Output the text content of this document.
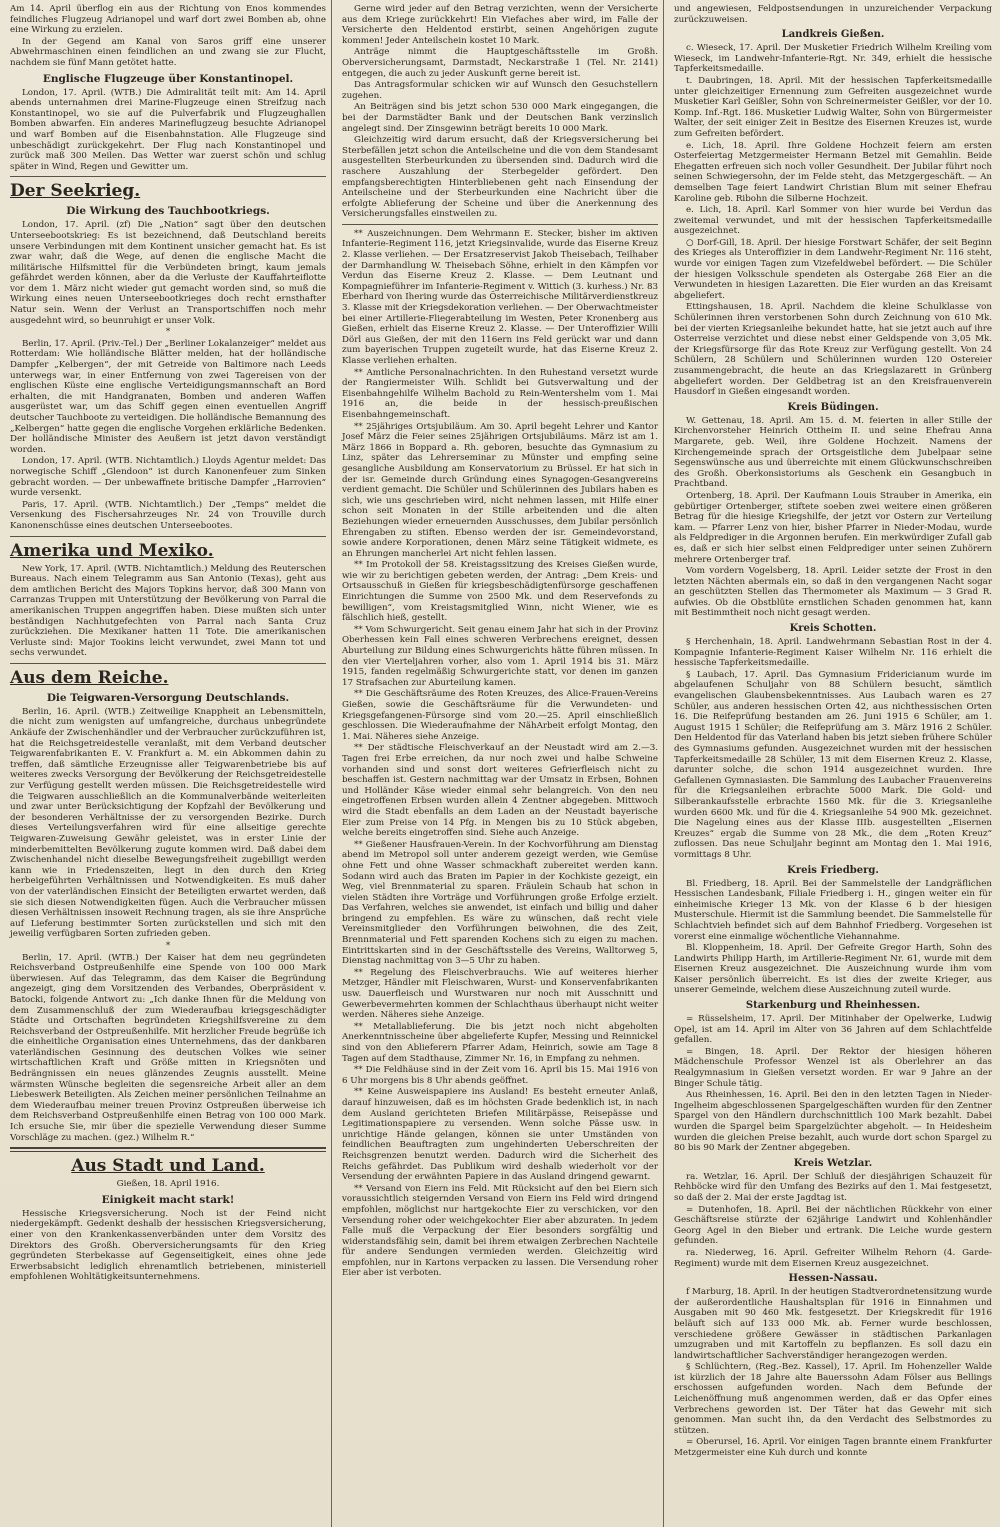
Am 14. April überflog ein aus der Richtung von Enos kommendes feindliches Flugzeug Adrianopel und warf dort zwei Bomben ab, ohne eine Wirkung zu erzielen.

In der Gegend am Kanal von Saros griff eine unserer Abwehrmaschinen einen feindlichen an und zwang sie zur Flucht, nachdem sie fünf Mann getötet hatte.

Englische Flugzeuge über Konstantinopel.

London, 17. April. (WTB.) Die Admiralität teilt mit: Am 14. April abends unternahmen drei Marine-Flugzeuge einen Streifzug nach Konstantinopel, wo sie auf die Pulverfabrik und Flugzeughallen Bomben abwarfen. Ein anderes Marineflugzeug besuchte Adrianopel und warf Bomben auf die Eisenbahnstation. Alle Flugzeuge sind unbeschädigt zurückgekehrt. Der Flug nach Konstantinopel und zurück maß 300 Meilen. Das Wetter war zuerst schön und schlug später in Wind, Regen und Gewitter um.

Der Seekrieg.
Die Wirkung des Tauchbootkriegs.

London, 17. April. (zf) Die „Nation“ sagt über den deutschen Unterseebootskrieg: Es ist bezeichnend, daß Deutschland bereits unsere Verbindungen mit dem Kontinent unsicher gemacht hat. Es ist zwar wahr, daß die Wege, auf denen die englische Macht die militärische Hilfsmittel für die Verbündeten bringt, kaum jemals gefährdet werden können, aber da die Verluste der Kauffahrteiflotte vor dem 1. März nicht wieder gut gemacht worden sind, so muß die Wirkung eines neuen Unterseebootkrieges doch recht ernsthafter Natur sein. Wenn der Verlust an Transportschiffen noch mehr ausgedehnt wird, so beunruhigt er unser Volk.

*

Berlin, 17. April. (Priv.-Tel.) Der „Berliner Lokalanzeiger“ meldet aus Rotterdam: Wie holländische Blätter melden, hat der holländische Dampfer „Kelbergen“, der mit Getreide von Baltimore nach Leeds unterwegs war, in einer Entfernung von zwei Tagereisen von der englischen Küste eine englische Verteidigungsmannschaft an Bord erhalten, die mit Handgranaten, Bomben und anderen Waffen ausgerüstet war, um das Schiff gegen einen eventuellen Angriff deutscher Tauchboote zu verteidigen. Die holländische Bemannung des „Kelbergen“ hatte gegen die englische Vorgehen erklärliche Bedenken. Der holländische Minister des Aeußern ist jetzt davon verständigt worden.

London, 17. April. (WTB. Nichtamtlich.) Lloyds Agentur meldet: Das norwegische Schiff „Glendoon“ ist durch Kanonenfeuer zum Sinken gebracht worden. — Der unbewaffnete britische Dampfer „Harrovien“ wurde versenkt.

Paris, 17. April. (WTB. Nichtamtlich.) Der „Temps“ meldet die Versenkung des Fischersahrzeuges Nr. 24 von Trouville durch Kanonenschüsse eines deutschen Unterseebootes.

Amerika und Mexiko.

New York, 17. April. (WTB. Nichtamtlich.) Meldung des Reuterschen Bureaus. Nach einem Telegramm aus San Antonio (Texas), geht aus dem amtlichen Bericht des Majors Topkins hervor, daß 300 Mann von Carranzas Truppen mit Unterstützung der Bevölkerung von Parral die amerikanischen Truppen angegriffen haben. Diese mußten sich unter beständigen Nachhutgefechten von Parral nach Santa Cruz zurückziehen. Die Mexikaner hatten 11 Tote. Die amerikanischen Verluste sind: Major Tookins leicht verwundet, zwei Mann tot und sechs verwundet.

Aus dem Reiche.
Die Teigwaren-Versorgung Deutschlands.

Berlin, 16. April. (WTB.) Zeitweilige Knappheit an Lebensmitteln, die nicht zum wenigsten auf umfangreiche, durchaus unbegründete Ankäufe der Zwischenhändler und der Verbraucher zurückzuführen ist, hat die Reichsgetreidestelle veranlaßt, mit dem Verband deutscher Teigwarenfabrikanten E. V. Frankfurt a. M. ein Abkommen dahin zu treffen, daß sämtliche Erzeugnisse aller Teigwarenbetriebe bis auf weiteres zwecks Versorgung der Bevölkerung der Reichsgetreidestelle zur Verfügung gestellt werden müssen. Die Reichsgetreidestelle wird die Teigwaren ausschließlich an die Kommunalverbände weiterleiten und zwar unter Berücksichtigung der Kopfzahl der Bevölkerung und der besonderen Verhältnisse der zu versorgenden Bezirke. Durch dieses Verteilungsverfahren wird für eine allseitige gerechte Teigwaren-Zuweisung Gewähr geleistet, was in erster Linie der minderbemittelten Bevölkerung zugute kommen wird. Daß dabei dem Zwischenhandel nicht dieselbe Bewegungsfreiheit zugebilligt werden kann wie in Friedenszeiten, liegt in den durch den Krieg herbeigeführten Verhältnissen und Notwendigkeiten. Es muß daher von der vaterländischen Einsicht der Beteiligten erwartet werden, daß sie sich diesen Notwendigkeiten fügen. Auch die Verbraucher müssen diesen Verhältnissen insoweit Rechnung tragen, als sie ihre Ansprüche auf Lieferung bestimmter Sorten zurückstellen und sich mit den jeweilig verfügbaren Sorten zufrieden geben.

*

Berlin, 17. April. (WTB.) Der Kaiser hat dem neu gegründeten Reichsverband Ostpreußenhilfe eine Spende von 100 000 Mark überwiesen. Auf das Telegramm, das dem Kaiser die Begründung angezeigt, ging dem Vorsitzenden des Verbandes, Oberpräsident v. Batocki, folgende Antwort zu: „Ich danke Ihnen für die Meldung von dem Zusammenschluß der zum Wiederaufbau kriegsgeschädigter Städte und Ortschaften begründeten Kriegshilfsvereine zu dem Reichsverband der Ostpreußenhilfe. Mit herzlicher Freude begrüße ich die einheitliche Organisation eines Unternehmens, das der dankbaren vaterländischen Gesinnung des deutschen Volkes wie seiner wirtschaftlichen Kraft und Größe mitten in Kriegsnöten und Bedrängnissen ein neues glänzendes Zeugnis ausstellt. Meine wärmsten Wünsche begleiten die segensreiche Arbeit aller an dem Liebeswerk Beteiligten. Als Zeichen meiner persönlichen Teilnahme an dem Wiederaufbau meiner treuen Provinz Ostpreußen überweise ich dem Reichsverband Ostpreußenhilfe einen Betrag von 100 000 Mark. Ich ersuche Sie, mir über die spezielle Verwendung dieser Summe Vorschläge zu machen. (gez.) Wilhelm R.“

Aus Stadt und Land.
Gießen, 18. April 1916.
Einigkeit macht stark!

Hessische Kriegsversicherung. Noch ist der Feind nicht niedergekämpft. Gedenkt deshalb der hessischen Kriegsversicherung, einer von den Krankenkassenverbänden unter dem Vorsitz des Direktors des Großh. Oberversicherungsamts für den Krieg gegründeten Sterbekasse auf Gegenseitigkeit, eines ohne jede Erwerbsabsicht lediglich ehrenamtlich betriebenen, ministeriell empfohlenen Wohltätigkeitsunternehmens.

Gerne wird jeder auf den Betrag verzichten, wenn der Versicherte aus dem Kriege zurückkehrt! Ein Viefaches aber wird, im Falle der Versicherte den Heldentod erstirbt, seinen Angehörigen zugute kommen! Jeder Anteilschein kostet 10 Mark.

Anträge nimmt die Hauptgeschäftsstelle im Großh. Oberversicherungsamt, Darmstadt, Neckarstraße 1 (Tel. Nr. 2141) entgegen, die auch zu jeder Auskunft gerne bereit ist.

Das Antragsformular schicken wir auf Wunsch den Gesuchstellern zugehen.

An Beiträgen sind bis jetzt schon 530 000 Mark eingegangen, die bei der Darmstädter Bank und der Deutschen Bank verzinslich angelegt sind. Der Zinsgewinn beträgt bereits 10 000 Mark.

Gleichzeitig wird darum ersucht, daß der Kriegsversicherung bei Sterbefällen jetzt schon die Anteilscheine und die von dem Standesamt ausgestellten Sterbeurkunden zu übersenden sind. Dadurch wird die raschere Auszahlung der Sterbegelder gefördert. Den empfangsberechtigten Hinterbliebenen geht nach Einsendung der Anteilscheine und der Sterbeurkunden eine Nachricht über die erfolgte Ablieferung der Scheine und über die Anerkennung des Versicherungsfalles einstweilen zu.

** Auszeichnungen. Dem Wehrmann E. Stecker, bisher im aktiven Infanterie-Regiment 116, jetzt Kriegsinvalide, wurde das Eiserne Kreuz 2. Klasse verliehen. — Der Ersatzreservist Jakob Theisebach, Teilhaber der Darmhandlung W. Theisebach Söhne, erhielt in den Kämpfen vor Verdun das Eiserne Kreuz 2. Klasse. — Dem Leutnant und Kompagnieführer im Infanterie-Regiment v. Wittich (3. kurhess.) Nr. 83 Eberhard von Ihering wurde das Österreichische Militärverdienstkreuz 3. Klasse mit der Kriegsdekoration verliehen. — Der Oberwachtmeister bei einer Artillerie-Fliegerabteilung im Westen, Peter Kronenberg aus Gießen, erhielt das Eiserne Kreuz 2. Klasse. — Der Unteroffizier Willi Dörl aus Gießen, der mit den 116ern ins Feld gerückt war und dann zum bayerischen Truppen zugeteilt wurde, hat das Eiserne Kreuz 2. Klasse verliehen erhalten.

** Amtliche Personalnachrichten. In den Ruhestand versetzt wurde der Rangiermeister Wilh. Schlidt bei Gutsverwaltung und der Eisenbahngehilfe Wilhelm Bachold zu Rein-Wentershelm vom 1. Mai 1916 an, die beide in der hessisch-preußischen Eisenbahngemeinschaft.

** 25jähriges Ortsjubiläum. Am 30. April begeht Lehrer und Kantor Josef März die Feier seines 25jährigen Ortsjubiläums. März ist am 1. März 1866 in Boppard a. Rh. geboren, besuchte das Gymnasium zu Linz, später das Lehrerseminar zu Münster und empfing seine gesangliche Ausbildung am Konservatorium zu Brüssel. Er hat sich in der isr. Gemeinde durch Gründung eines Synagogen-Gesangvereins verdient gemacht. Die Schüler und Schülerinnen des Jubilars haben es sich, wie uns geschrieben wird, nicht nehmen lassen, mit Hilfe einer schon seit Monaten in der Stille arbeitenden und die alten Beziehungen wieder erneuernden Ausschusses, dem Jubilar persönlich Ehrengaben zu stiften. Ebenso werden der isr. Gemeindevorstand, sowie andere Korporationen, denen März seine Tätigkeit widmete, es an Ehrungen mancherlei Art nicht fehlen lassen.

** Im Protokoll der 58. Kreistagssitzung des Kreises Gießen wurde, wie wir zu berichtigen gebeten werden, der Antrag: „Dem Kreis- und Ortsausschuß in Gießen für kriegsbeschädigtenfürsorge geschaffenen Einrichtungen die Summe von 2500 Mk. und dem Reservefonds zu bewilligen“, vom Kreistagsmitglied Winn, nicht Wiener, wie es fälschlich hieß, gestellt.

** Vom Schwurgericht. Seit genau einem Jahr hat sich in der Provinz Oberhessen kein Fall eines schweren Verbrechens ereignet, dessen Aburteilung zur Bildung eines Schwurgerichts hätte führen müssen. In den vier Vierteljahren vorher, also vom 1. April 1914 bis 31. März 1915, fanden regelmäßig Schwurgerichte statt, vor denen im ganzen 17 Strafsachen zur Aburteilung kamen.

** Die Geschäftsräume des Roten Kreuzes, des Alice-Frauen-Vereins Gießen, sowie die Geschäftsräume für die Verwundeten- und Kriegsgefangenen-Fürsorge sind vom 20.—25. April einschließlich geschlossen. Die Wiederaufnahme der NähArbeit erfolgt Montag, den 1. Mai. Näheres siehe Anzeige.

** Der städtische Fleischverkauf an der Neustadt wird am 2.—3. Tagen frei Erbe erreichen, da nur noch zwei und halbe Schweine vorhanden sind und sonst dort weiteres Gefrierfleisch nicht zu beschaffen ist. Gestern nachmittag war der Umsatz in Erbsen, Bohnen und Holländer Käse wieder einmal sehr belangreich. Von den neu eingetroffenen Erbsen wurden allein 4 Zentner abgegeben. Mittwoch wird die Stadt ebenfalls an dem Laden an der Neustadt bayerische Eier zum Preise von 14 Pfg. in Mengen bis zu 10 Stück abgeben, welche bereits eingetroffen sind. Siehe auch Anzeige.

** Gießener Hausfrauen-Verein. In der Kochvorführung am Dienstag abend im Metropol soll unter anderem gezeigt werden, wie Gemüse ohne Fett und ohne Wasser schmackhaft zubereitet werden kann. Sodann wird auch das Braten im Papier in der Kochkiste gezeigt, ein Weg, viel Brennmaterial zu sparen. Fräulein Schaub hat schon in vielen Städten ihre Vorträge und Vorführungen große Erfolge erzielt. Das Verfahren, welches sie anwendet, ist einfach und billig und daher bringend zu empfehlen. Es wäre zu wünschen, daß recht viele Vereinsmitglieder den Vorführungen beiwohnen, die des Zeit, Brennmaterial und Fett sparenden Kochens sich zu eigen zu machen. Eintrittskarten sind in der Geschäftsstelle des Vereins, Walltorweg 5, Dienstag nachmittag von 3—5 Uhr zu haben.

** Regelung des Fleischverbrauchs. Wie auf weiteres hierher Metzger, Händler mit Fleischwaren, Wurst- und Konservenfabrikanten usw. Dauerfleisch und Wurstwaren nur noch mit Ausschnitt und Gewerbevermehrten kommen der Schlachthaus überhaupt nicht weiter werden. Näheres siehe Anzeige.

** Metallablieferung. Die bis jetzt noch nicht abgeholten Anerkenntnisscheine über abgelieferte Kupfer, Messing und Reinnickel sind von den Ablieferern Pfarrer Adam, Heinrich, sowie am Tage 8 Tagen auf dem Stadthause, Zimmer Nr. 16, in Empfang zu nehmen.

** Die Feldhäuse sind in der Zeit vom 16. April bis 15. Mai 1916 von 6 Uhr morgens bis 8 Uhr abends geöffnet.

** Keine Ausweispapiere ins Ausland! Es besteht erneuter Anlaß, darauf hinzuweisen, daß es im höchsten Grade bedenklich ist, in nach dem Ausland gerichteten Briefen Militärpässe, Reisepässe und Legitimationspapiere zu versenden. Wenn solche Pässe usw. in unrichtige Hände gelangen, können sie unter Umständen von feindlichen Beauftragten zum ungehinderten Ueberschreiten der Reichsgrenzen benutzt werden. Dadurch wird die Sicherheit des Reichs gefährdet. Das Publikum wird deshalb wiederholt vor der Versendung der erwähnten Papiere in das Ausland dringend gewarnt.

** Versand von Eiern ins Feld. Mit Rücksicht auf den bei Eiern sich voraussichtlich steigernden Versand von Eiern ins Feld wird dringend empfohlen, möglichst nur hartgekochte Eier zu verschicken, vor den Versendung roher oder weichgekochter Eier aber abzuraten. In jedem Falle muß die Verpackung der Eier besonders sorgfältig und widerstandsfähig sein, damit bei ihrem etwaigen Zerbrechen Nachteile für andere Sendungen vermieden werden. Gleichzeitig wird empfohlen, nur in Kartons verpacken zu lassen. Die Versendung roher Eier aber ist verboten.

und angewiesen, Feldpostsendungen in unzureichender Verpackung zurückzuweisen.

Landkreis Gießen.

c. Wieseck, 17. April. Der Musketier Friedrich Wilhelm Kreiling vom Wieseck, im Landwehr-Infanterie-Rgt. Nr. 349, erhielt die hessische Tapferkeitsmedaille.

t. Daubringen, 18. April. Mit der hessischen Tapferkeitsmedaille unter gleichzeitiger Ernennung zum Gefreiten ausgezeichnet wurde Musketier Karl Geißler, Sohn von Schreinermeister Geißler, vor der 10. Komp. Inf.-Rgt. 186. Musketier Ludwig Walter, Sohn von Bürgermeister Walter, der seit einiger Zeit in Besitze des Eisernen Kreuzes ist, wurde zum Gefreiten befördert.

e. Lich, 18. April. Ihre Goldene Hochzeit feiern am ersten Osterfeiertag Metzgermeister Hermann Betzel mit Gemahlin. Beide Ehegatten erfreuen sich noch voller Gesundheit. Der Jubilar führt noch seinen Schwiegersohn, der im Felde steht, das Metzgergeschäft. — An demselben Tage feiert Landwirt Christian Blum mit seiner Ehefrau Karoline geb. Ribohn die Silberne Hochzeit.

e. Lich, 18. April. Karl Sommer von hier wurde bei Verdun das zweitemal verwundet, und mit der hessischen Tapferkeitsmedaille ausgezeichnet.

○ Dorf-Gill, 18. April. Der hiesige Forstwart Schäfer, der seit Beginn des Krieges als Unteroffizier in dem Landwehr-Regiment Nr. 116 steht, wurde vor einigen Tagen zum Vizefeldwebel befördert. — Die Schüler der hiesigen Volksschule spendeten als Ostergabe 268 Eier an die Verwundeten in hiesigen Lazaretten. Die Eier wurden an das Kreisamt abgeliefert.

Ettingshausen, 18. April. Nachdem die kleine Schulklasse von Schülerinnen ihren verstorbenen Sohn durch Zeichnung von 610 Mk. bei der vierten Kriegsanleihe bekundet hatte, hat sie jetzt auch auf ihre Osterreise verzichtet und diese nebst einer Geldspende von 3,05 Mk. der Kriegsfürsorge für das Rote Kreuz zur Verfügung gestellt. Von 24 Schülern, 28 Schülern und Schülerinnen wurden 120 Ostereier zusammengebracht, die heute an das Kriegslazarett in Grünberg abgeliefert worden. Der Geldbetrag ist an den Kreisfrauenverein Hausdorf in Gießen eingesandt worden.

Kreis Büdingen.

W. Gettenau, 18. April. Am 15. d. M. feierten in aller Stille der Kirchenvorsteher Heinrich Ottheim II. und seine Ehefrau Anna Margarete, geb. Weil, ihre Goldene Hochzeit. Namens der Kirchengemeinde sprach der Ortsgeistliche dem Jubelpaar seine Segenswünsche aus und überreichte mit einem Glückwunschschreiben des Großh. Oberkonsistoriums als Geschenk ein Gesangbuch in Prachtband.

Ortenberg, 18. April. Der Kaufmann Louis Strauber in Amerika, ein gebürtiger Ortenberger, stiftete soeben zwei weitere einen größeren Betrag für die hiesige Kriegshilfe, der jetzt vor Ostern zur Verteilung kam. — Pfarrer Lenz von hier, bisher Pfarrer in Nieder-Modau, wurde als Feldprediger in die Argonnen berufen. Ein merkwürdiger Zufall gab es, daß er sich hier selbst einen Feldprediger unter seinen Zuhörern mehrere Ortenberger traf.

Vom vordern Vogelsberg, 18. April. Leider setzte der Frost in den letzten Nächten abermals ein, so daß in den vergangenen Nacht sogar an geschützten Stellen das Thermometer als Maximum — 3 Grad R. aufwies. Ob die Obstblüte ernstlichen Schaden genommen hat, kann mit Bestimmtheit noch nicht gesagt werden.

Kreis Schotten.

§ Herchenhain, 18. April. Landwehrmann Sebastian Rost in der 4. Kompagnie Infanterie-Regiment Kaiser Wilhelm Nr. 116 erhielt die hessische Tapferkeitsmedaille.

§ Laubach, 17. April. Das Gymnasium Fridericianum wurde im abgelaufenen Schuljahr von 88 Schülern besucht, sämtlich evangelischen Glaubensbekenntnisses. Aus Laubach waren es 27 Schüler, aus anderen hessischen Orten 42, aus nichthessischen Orten 16. Die Reifeprüfung bestanden am 26. Juni 1915 6 Schüler, am 1. August 1915 1 Schüler; die Reifeprüfung am 3. März 1916 2 Schüler. Den Heldentod für das Vaterland haben bis jetzt sieben frühere Schüler des Gymnasiums gefunden. Ausgezeichnet wurden mit der hessischen Tapferkeitsmedaille 28 Schüler, 13 mit dem Eisernen Kreuz 2. Klasse, darunter solche, die schon 1914 ausgezeichnet wurden. Ihre Gefallenen Gymnasiasten. Die Sammlung des Laubacher Frauenvereins für die Kriegsanleihen erbrachte 5000 Mark. Die Gold- und Silberankaufsstelle erbrachte 1560 Mk. für die 3. Kriegsanleihe wurden 6600 Mk. und für die 4. Kriegsanleihe 54 900 Mk. gezeichnet. Die Nagelung eines aus der Klasse IIIb. ausgestellten „Eisernen Kreuzes“ ergab die Summe von 28 Mk., die dem „Roten Kreuz“ zuflossen. Das neue Schuljahr beginnt am Montag den 1. Mai 1916, vormittags 8 Uhr.

Kreis Friedberg.

Bl. Friedberg, 18. April. Bei der Sammelstelle der Landgräflichen Hessischen Landesbank, Filiale Friedberg i. H., gingen weiter ein für einheimische Krieger 13 Mk. von der Klasse 6 b der hiesigen Musterschule. Hiermit ist die Sammlung beendet. Die Sammelstelle für Schlachtvieh befindet sich auf dem Bahnhof Friedberg. Vorgesehen ist vorerst eine einmalige wöchentliche Viehannahme.

Bl. Kloppenheim, 18. April. Der Gefreite Gregor Harth, Sohn des Landwirts Philipp Harth, im Artillerie-Regiment Nr. 61, wurde mit dem Eisernen Kreuz ausgezeichnet. Die Auszeichnung wurde ihm vom Kaiser persönlich überreicht. Es ist dies der zweite Krieger, aus unserer Gemeinde, welchem diese Auszeichnung zuteil wurde.

Starkenburg und Rheinhessen.

= Rüsselsheim, 17. April. Der Mitinhaber der Opelwerke, Ludwig Opel, ist am 14. April im Alter von 36 Jahren auf dem Schlachtfelde gefallen.

= Bingen, 18. April. Der Rektor der hiesigen höheren Mädchenschule Professor Wenzel ist als Oberlehrer an das Realgymnasium in Gießen versetzt worden. Er war 9 Jahre an der Binger Schule tätig.

Aus Rheinhessen, 16. April. Bei den in den letzten Tagen in Nieder-Ingelheim abgeschlossenen Spargelgeschäften wurden für den Zentner Spargel von den Händlern durchschnittlich 100 Mark bezahlt. Dabei wurden die Spargel beim Spargelzüchter abgeholt. — In Heidesheim wurden die gleichen Preise bezahlt, auch wurde dort schon Spargel zu 80 bis 90 Mark der Zentner abgegeben.

Kreis Wetzlar.

ra. Wetzlar, 16. April. Der Schluß der diesjährigen Schauzeit für Rehböcke wird für den Umfang des Bezirks auf den 1. Mai festgesetzt, so daß der 2. Mai der erste Jagdtag ist.

= Dutenhofen, 18. April. Bei der nächtlichen Rückkehr von einer Geschäftsreise stürzte der 62jährige Landwirt und Kohlenhändler Georg Agel in den Bieber und ertrank. Die Leiche wurde gestern gefunden.

ra. Niederweg, 16. April. Gefreiter Wilhelm Rehorn (4. Garde-Regiment) wurde mit dem Eisernen Kreuz ausgezeichnet.

Hessen-Nassau.

f Marburg, 18. April. In der heutigen Stadtverordnetensitzung wurde der außerordentliche Haushaltsplan für 1916 in Einnahmen und Ausgaben mit 90 460 Mk. festgesetzt. Der Kriegskredit für 1916 beläuft sich auf 133 000 Mk. ab. Ferner wurde beschlossen, verschiedene größere Gewässer in städtischen Parkanlagen umzugraben und mit Kartoffeln zu bepflanzen. Es soll dazu ein landwirtschaftlicher Sachverständiger herangezogen werden.

§ Schlüchtern, (Reg.-Bez. Kassel), 17. April. Im Hohenzeller Walde ist kürzlich der 18 Jahre alte Bauerssohn Adam Fölser aus Bellings erschossen aufgefunden worden. Nach dem Befunde der Leichenöffnung muß angenommen werden, daß er das Opfer eines Verbrechens geworden ist. Der Täter hat das Gewehr mit sich genommen. Man sucht ihn, da den Verdacht des Selbstmordes zu stützen.

= Oberursel, 16. April. Vor einigen Tagen brannte einem Frankfurter Metzgermeister eine Kuh durch und konnte
